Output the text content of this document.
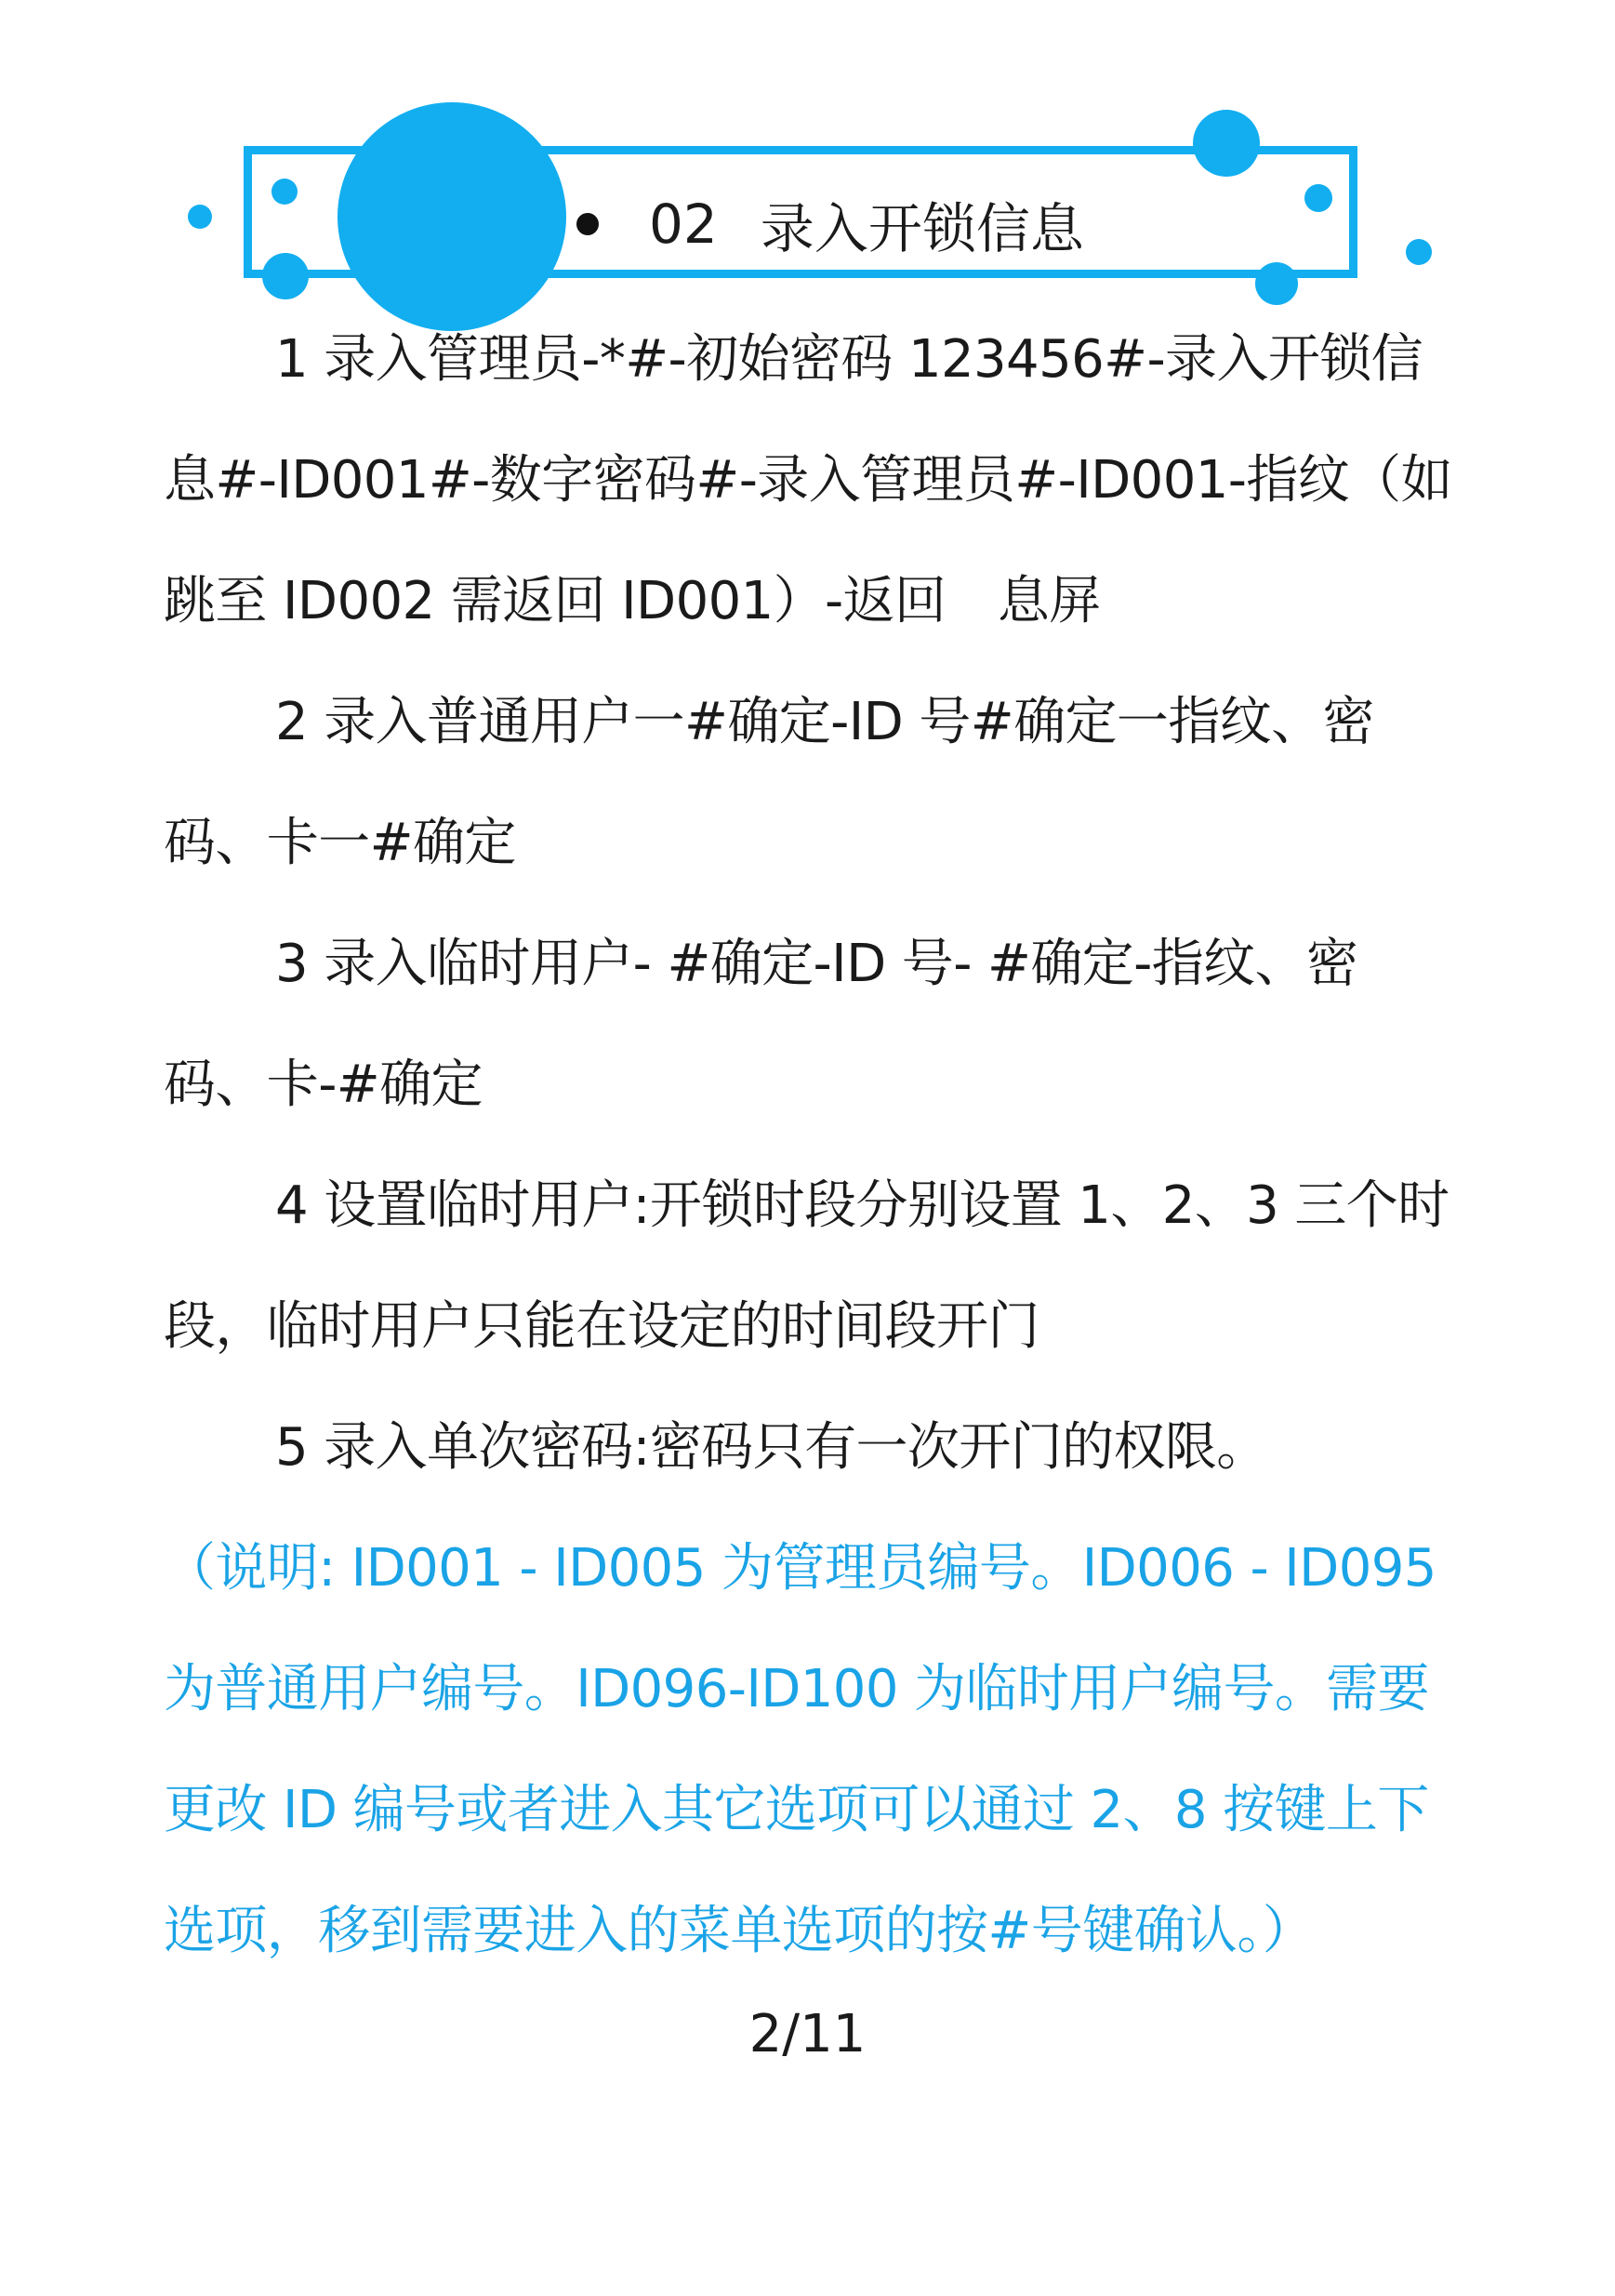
02 录入开锁信息

1 录入管理员-*#-初始密码 123456#-录入开锁信息#-ID001#-数字密码#-录入管理员#-ID001-指纹（如跳至 ID002 需返回 ID001）-返回　息屏

2 录入普通用户一#确定-ID 号#确定一指纹、密码、卡一#确定

3 录入临时用户- #确定-ID 号- #确定-指纹、密码、卡-#确定

4 设置临时用户:开锁时段分别设置 1、2、3 三个时段，临时用户只能在设定的时间段开门

5 录入单次密码:密码只有一次开门的权限。

（说明: ID001 - ID005 为管理员编号。ID006 - ID095 为普通用户编号。ID096-ID100 为临时用户编号。需要更改 ID 编号或者进入其它选项可以通过 2、8 按键上下选项，移到需要进入的菜单选项的按#号键确认。）

2/11
